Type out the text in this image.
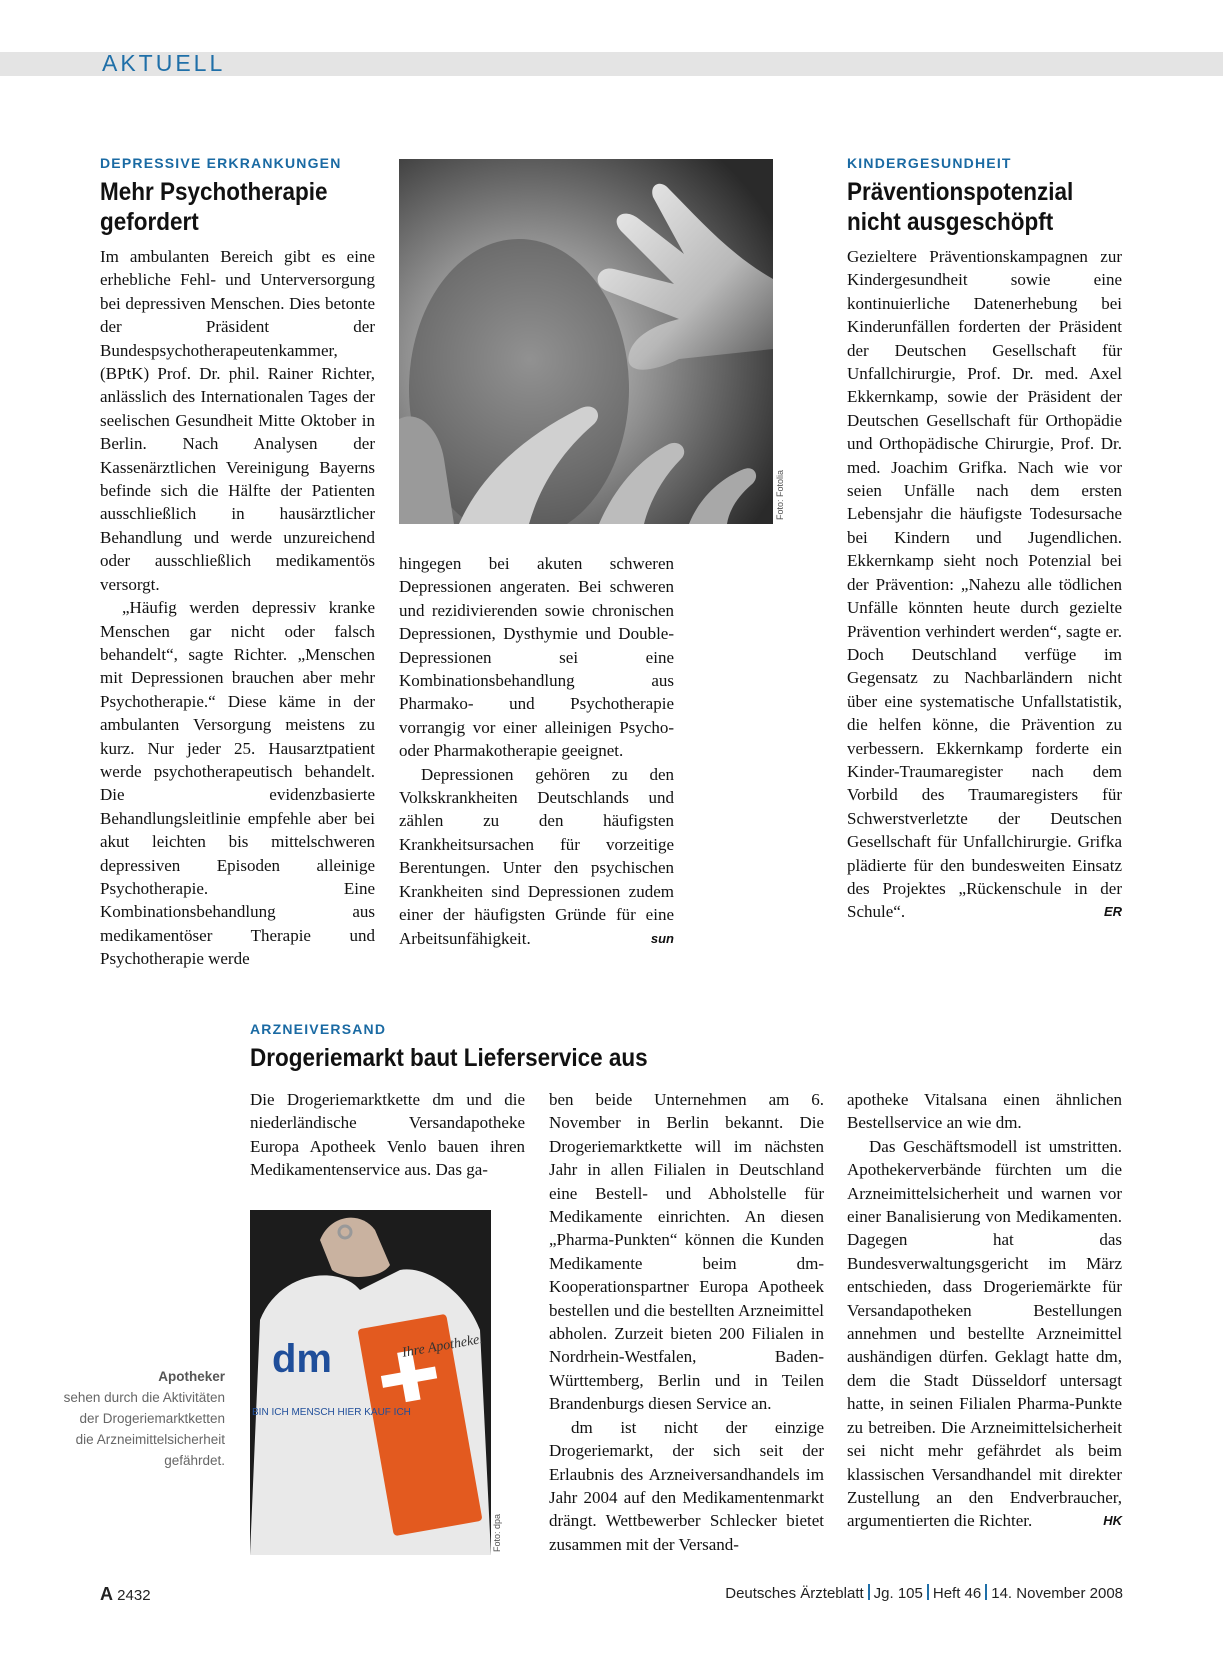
AKTUELL
DEPRESSIVE ERKRANKUNGEN
Mehr Psychotherapie gefordert

Im ambulanten Bereich gibt es eine erhebliche Fehl- und Unterversorgung bei depressiven Menschen. Dies betonte der Präsident der Bundespsychotherapeutenkammer, (BPtK) Prof. Dr. phil. Rainer Richter, anlässlich des Internationalen Tages der seelischen Gesundheit Mitte Oktober in Berlin. Nach Analysen der Kassenärztlichen Vereinigung Bayerns befinde sich die Hälfte der Patienten ausschließlich in hausärztlicher Behandlung und werde unzureichend oder ausschließlich medikamentös versorgt.

„Häufig werden depressiv kranke Menschen gar nicht oder falsch behandelt“, sagte Richter. „Menschen mit Depressionen brauchen aber mehr Psychotherapie.“ Diese käme in der ambulanten Versorgung meistens zu kurz. Nur jeder 25. Hausarztpatient werde psychotherapeutisch behandelt. Die evidenzbasierte Behandlungsleitlinie empfehle aber bei akut leichten bis mittelschweren depressiven Episoden alleinige Psychotherapie. Eine Kombinationsbehandlung aus medikamentöser Therapie und Psychotherapie werde

Foto: Fotolia

hingegen bei akuten schweren Depressionen angeraten. Bei schweren und rezidivierenden sowie chronischen Depressionen, Dysthymie und Double-Depressionen sei eine Kombinationsbehandlung aus Pharmako- und Psychotherapie vorrangig vor einer alleinigen Psycho- oder Pharmakotherapie geeignet.

Depressionen gehören zu den Volkskrankheiten Deutschlands und zählen zu den häufigsten Krankheitsursachen für vorzeitige Berentungen. Unter den psychischen Krankheiten sind Depressionen zudem einer der häufigsten Gründe für eine Arbeitsunfähigkeit.	sun

KINDERGESUNDHEIT
Präventionspotenzial nicht ausgeschöpft

Gezieltere Präventionskampagnen zur Kindergesundheit sowie eine kontinuierliche Datenerhebung bei Kinderunfällen forderten der Präsident der Deutschen Gesellschaft für Unfallchirurgie, Prof. Dr. med. Axel Ekkernkamp, sowie der Präsident der Deutschen Gesellschaft für Orthopädie und Orthopädische Chirurgie, Prof. Dr. med. Joachim Grifka. Nach wie vor seien Unfälle nach dem ersten Lebensjahr die häufigste Todesursache bei Kindern und Jugendlichen. Ekkernkamp sieht noch Potenzial bei der Prävention: „Nahezu alle tödlichen Unfälle könnten heute durch gezielte Prävention verhindert werden“, sagte er. Doch Deutschland verfüge im Gegensatz zu Nachbarländern nicht über eine systematische Unfallstatistik, die helfen könne, die Prävention zu verbessern. Ekkernkamp forderte ein Kinder-Traumaregister nach dem Vorbild des Traumaregisters für Schwerstverletzte der Deutschen Gesellschaft für Unfallchirurgie. Grifka plädierte für den bundesweiten Einsatz des Projektes „Rückenschule in der Schule“.	ER

ARZNEIVERSAND
Drogeriemarkt baut Lieferservice aus

Die Drogeriemarktkette dm und die niederländische Versandapotheke Europa Apotheek Venlo bauen ihren Medikamentenservice aus. Das ga-

dm
BIN ICH MENSCH HIER KAUF ICH
Ihre Apotheke.
Foto: dpa
Apotheker
sehen durch die Aktivitäten der Drogeriemarktketten die Arzneimittelsicherheit gefährdet.

ben beide Unternehmen am 6. November in Berlin bekannt. Die Drogeriemarktkette will im nächsten Jahr in allen Filialen in Deutschland eine Bestell- und Abholstelle für Medikamente einrichten. An diesen „Pharma-Punkten“ können die Kunden Medikamente beim dm-Kooperationspartner Europa Apotheek bestellen und die bestellten Arzneimittel abholen. Zurzeit bieten 200 Filialen in Nordrhein-Westfalen, Baden-Württemberg, Berlin und in Teilen Brandenburgs diesen Service an.

dm ist nicht der einzige Drogeriemarkt, der sich seit der Erlaubnis des Arzneiversandhandels im Jahr 2004 auf den Medikamentenmarkt drängt. Wettbewerber Schlecker bietet zusammen mit der Versand-

apotheke Vitalsana einen ähnlichen Bestellservice an wie dm.

Das Geschäftsmodell ist umstritten. Apothekerverbände fürchten um die Arzneimittelsicherheit und warnen vor einer Banalisierung von Medikamenten. Dagegen hat das Bundesverwaltungsgericht im März entschieden, dass Drogeriemärkte für Versandapotheken Bestellungen annehmen und bestellte Arzneimittel aushändigen dürfen. Geklagt hatte dm, dem die Stadt Düsseldorf untersagt hatte, in seinen Filialen Pharma-Punkte zu betreiben. Die Arzneimittelsicherheit sei nicht mehr gefährdet als beim klassischen Versandhandel mit direkter Zustellung an den Endverbraucher, argumentierten die Richter.	HK

A 2432	Deutsches Ärzteblatt Jg. 105 Heft 46 14. November 2008
